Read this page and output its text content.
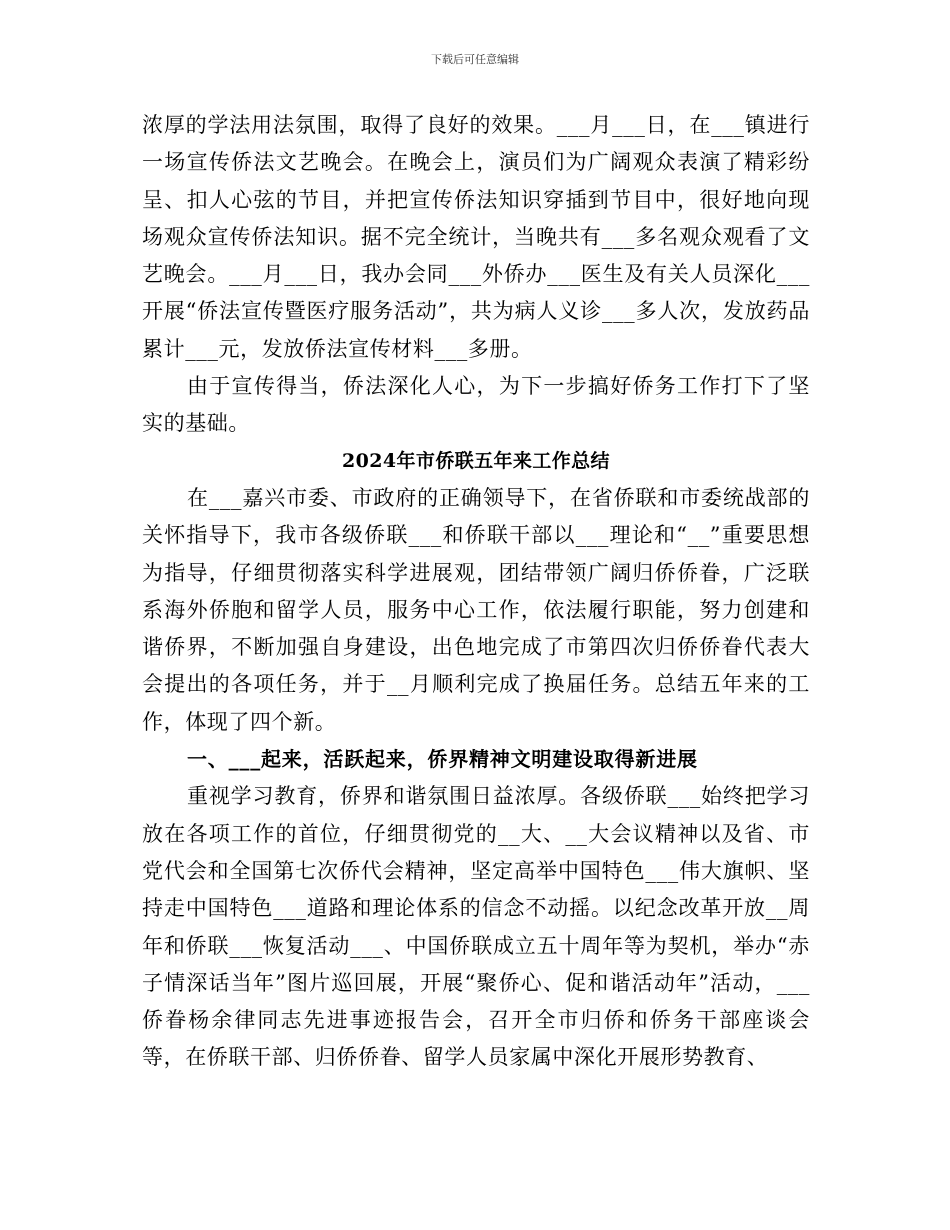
下载后可任意编辑

浓厚的学法用法氛围，取得了良好的效果。___月___日，在___镇进行一场宣传侨法文艺晚会。在晚会上，演员们为广阔观众表演了精彩纷呈、扣人心弦的节目，并把宣传侨法知识穿插到节目中，很好地向现场观众宣传侨法知识。据不完全统计，当晚共有___多名观众观看了文艺晚会。___月___日，我办会同___外侨办___医生及有关人员深化___开展“侨法宣传暨医疗服务活动”，共为病人义诊___多人次，发放药品累计___元，发放侨法宣传材料___多册。

由于宣传得当，侨法深化人心，为下一步搞好侨务工作打下了坚实的基础。

2024年市侨联五年来工作总结

在___嘉兴市委、市政府的正确领导下，在省侨联和市委统战部的关怀指导下，我市各级侨联___和侨联干部以___理论和“__”重要思想为指导，仔细贯彻落实科学进展观，团结带领广阔归侨侨眷，广泛联系海外侨胞和留学人员，服务中心工作，依法履行职能，努力创建和谐侨界，不断加强自身建设，出色地完成了市第四次归侨侨眷代表大会提出的各项任务，并于__月顺利完成了换届任务。总结五年来的工作，体现了四个新。

一、___起来，活跃起来，侨界精神文明建设取得新进展

重视学习教育，侨界和谐氛围日益浓厚。各级侨联___始终把学习放在各项工作的首位，仔细贯彻党的__大、__大会议精神以及省、市党代会和全国第七次侨代会精神，坚定高举中国特色___伟大旗帜、坚持走中国特色___道路和理论体系的信念不动摇。以纪念改革开放__周年和侨联___恢复活动___、中国侨联成立五十周年等为契机，举办“赤子情深话当年”图片巡回展，开展“聚侨心、促和谐活动年”活动，___侨眷杨余律同志先进事迹报告会，召开全市归侨和侨务干部座谈会等，在侨联干部、归侨侨眷、留学人员家属中深化开展形势教育、
